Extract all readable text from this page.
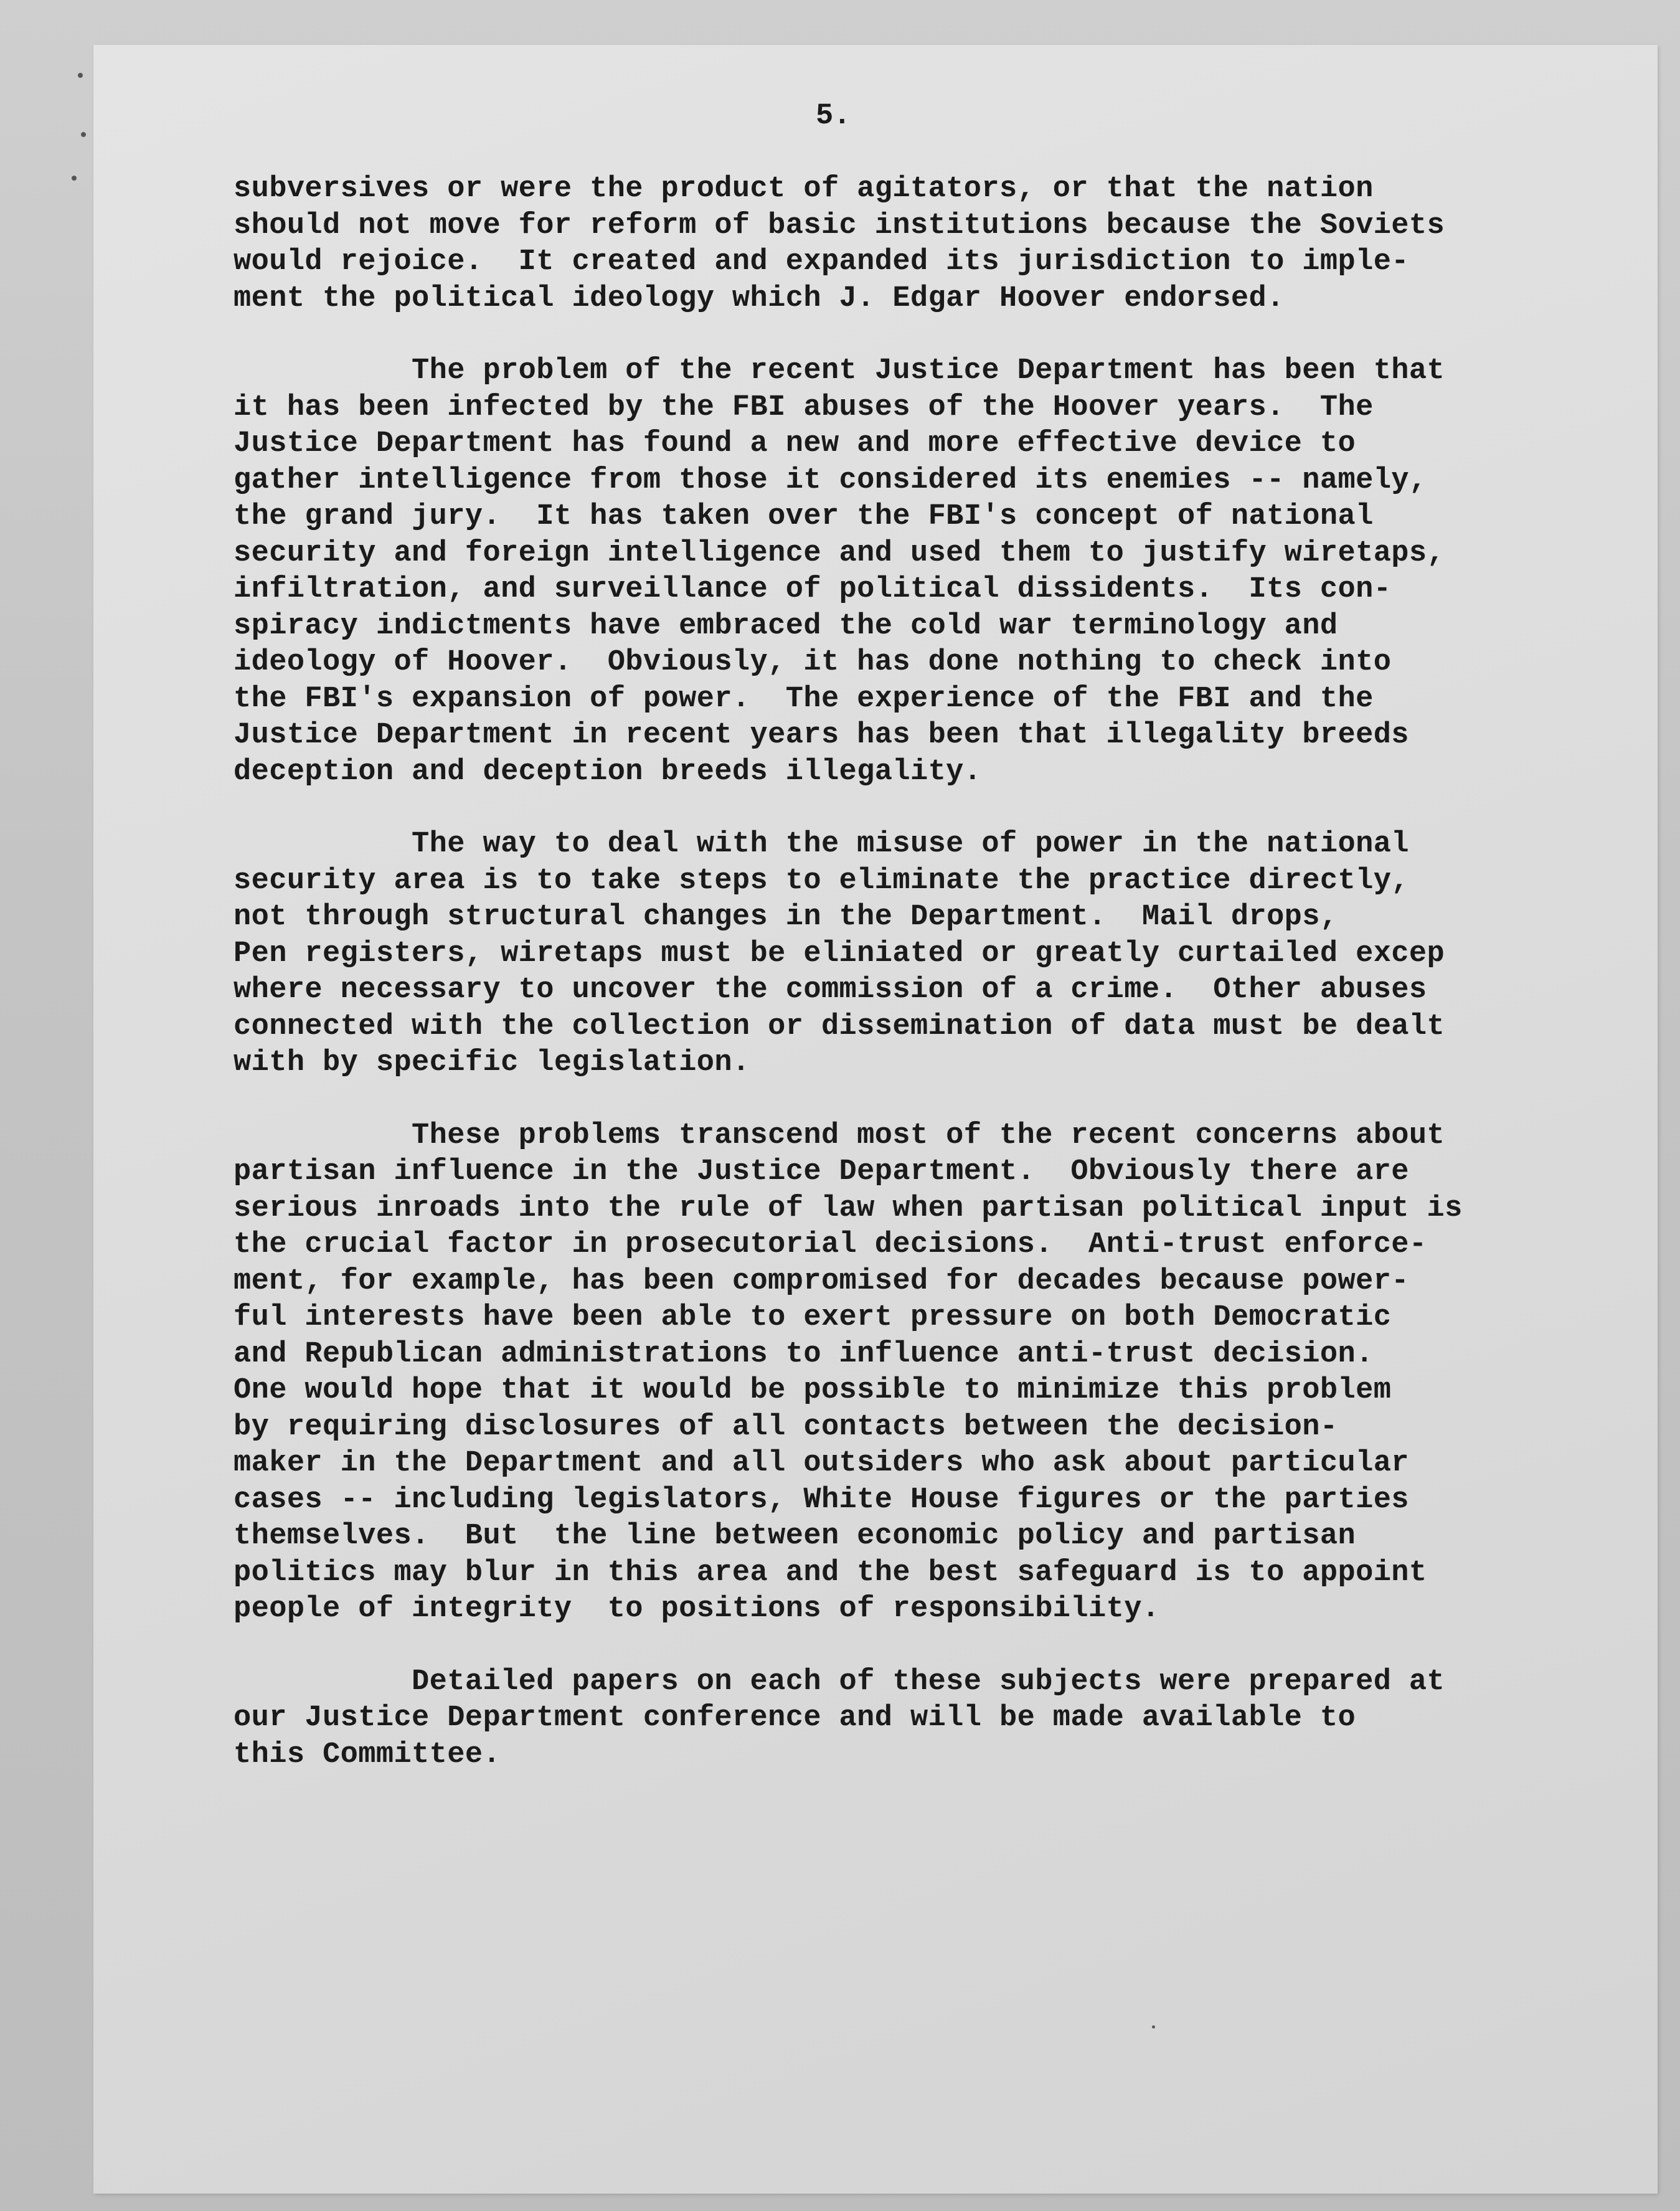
5.
subversives or were the product of agitators, or that the nation
should not move for reform of basic institutions because the Soviets
would rejoice.  It created and expanded its jurisdiction to imple-
ment the political ideology which J. Edgar Hoover endorsed.
The problem of the recent Justice Department has been that
it has been infected by the FBI abuses of the Hoover years.  The
Justice Department has found a new and more effective device to
gather intelligence from those it considered its enemies -- namely,
the grand jury.  It has taken over the FBI's concept of national
security and foreign intelligence and used them to justify wiretaps,
infiltration, and surveillance of political dissidents.  Its con-
spiracy indictments have embraced the cold war terminology and
ideology of Hoover.  Obviously, it has done nothing to check into
the FBI's expansion of power.  The experience of the FBI and the
Justice Department in recent years has been that illegality breeds
deception and deception breeds illegality.
The way to deal with the misuse of power in the national
security area is to take steps to eliminate the practice directly,
not through structural changes in the Department.  Mail drops,
Pen registers, wiretaps must be eliniated or greatly curtailed excep
where necessary to uncover the commission of a crime.  Other abuses
connected with the collection or dissemination of data must be dealt
with by specific legislation.
These problems transcend most of the recent concerns about
partisan influence in the Justice Department.  Obviously there are
serious inroads into the rule of law when partisan political input is
the crucial factor in prosecutorial decisions.  Anti-trust enforce-
ment, for example, has been compromised for decades because power-
ful interests have been able to exert pressure on both Democratic
and Republican administrations to influence anti-trust decision.
One would hope that it would be possible to minimize this problem
by requiring disclosures of all contacts between the decision-
maker in the Department and all outsiders who ask about particular
cases -- including legislators, White House figures or the parties
themselves.  But  the line between economic policy and partisan
politics may blur in this area and the best safeguard is to appoint
people of integrity  to positions of responsibility.
Detailed papers on each of these subjects were prepared at
our Justice Department conference and will be made available to
this Committee.
